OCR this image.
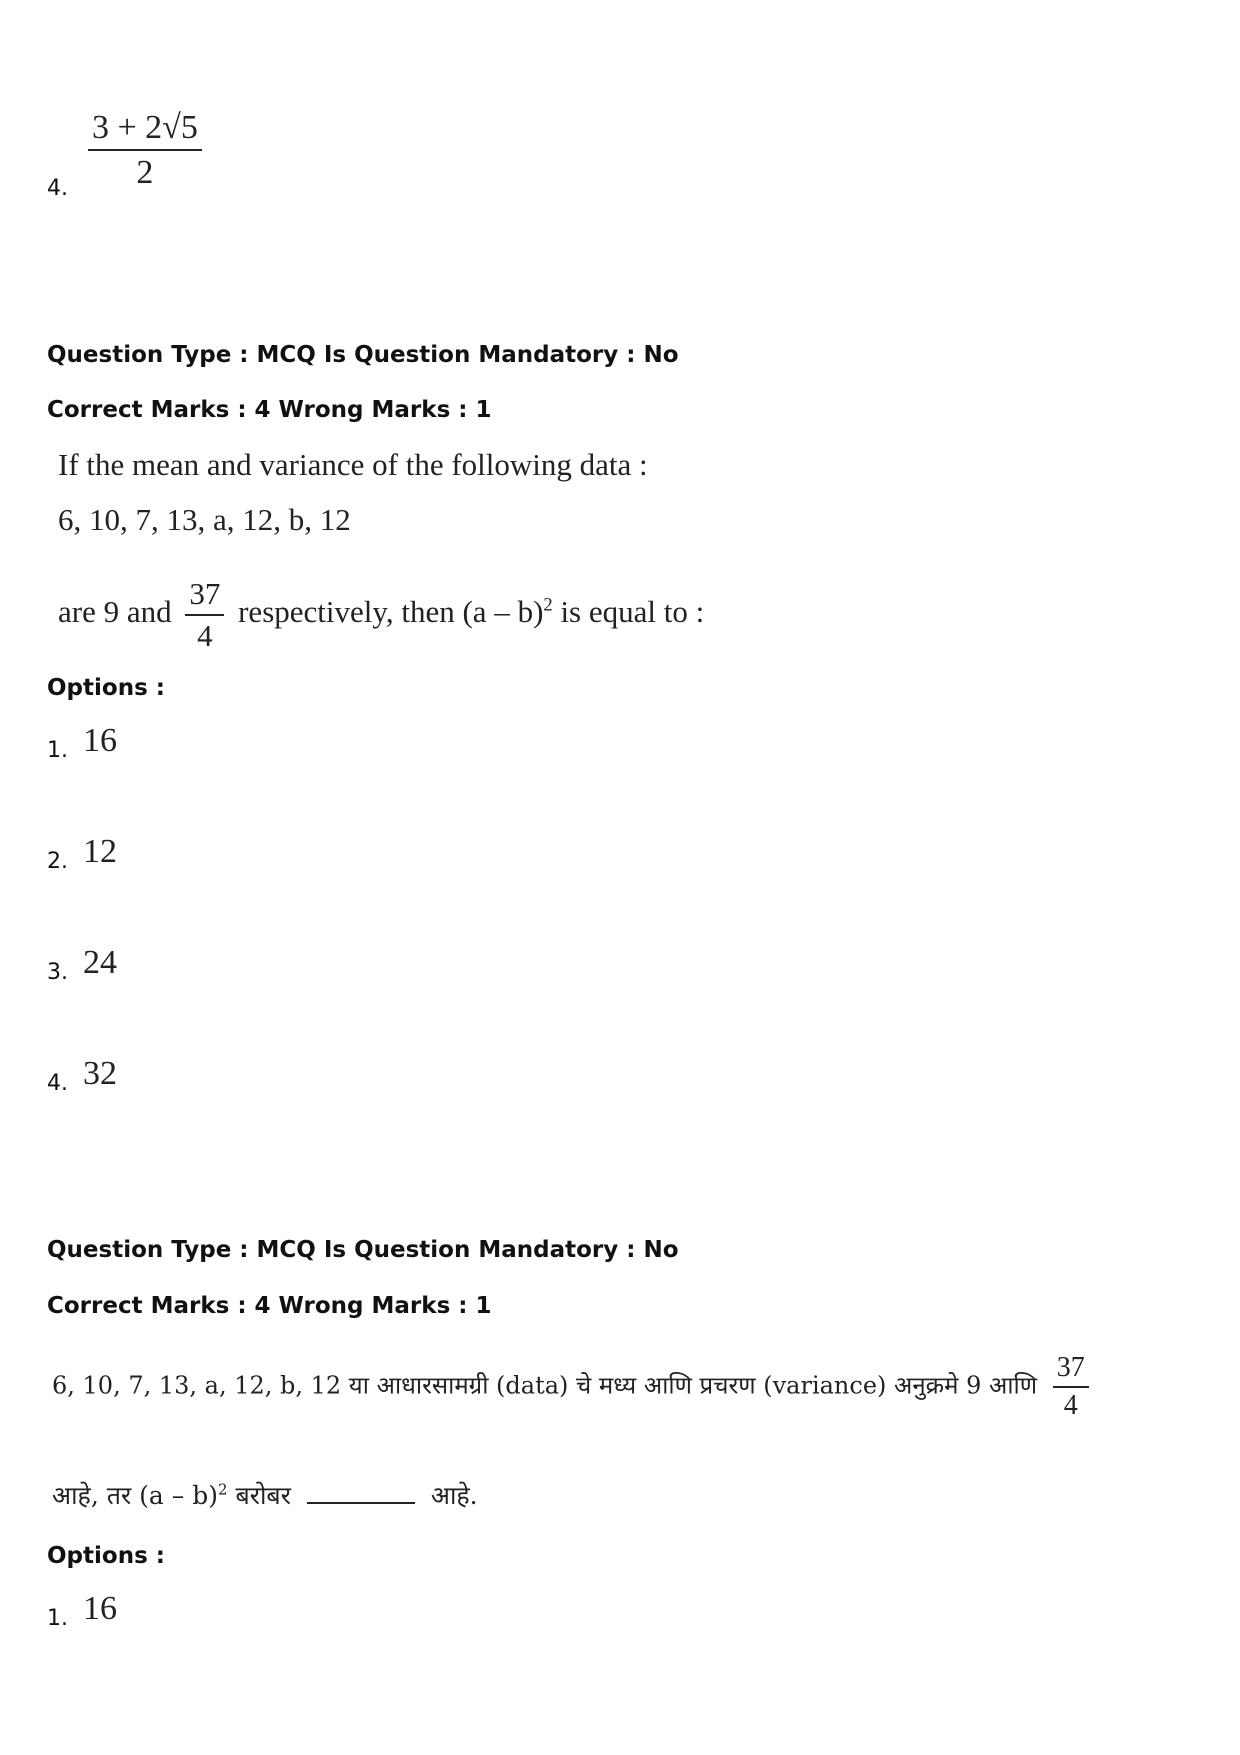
4. $\frac{3 + 2√5}{2}$
Question Type : MCQ Is Question Mandatory : No
Correct Marks : 4 Wrong Marks : 1
If the mean and variance of the following data :
6, 10, 7, 13, a, 12, b, 12
are 9 and $\frac{37}{4}$ respectively, then (a – b)$^2$ is equal to :
Options :
1. 16
2. 12
3. 24
4. 32
Question Type : MCQ Is Question Mandatory : No
Correct Marks : 4 Wrong Marks : 1
6, 10, 7, 13, a, 12, b, 12 या आधारसामग्री (data) चे मध्य आणि प्रचरण (variance) अनुक्रमे 9 आणि $\frac{37}{4}$
आहे, तर (a – b)$^2$ बरोबर	आहे.
Options :
1. 16
